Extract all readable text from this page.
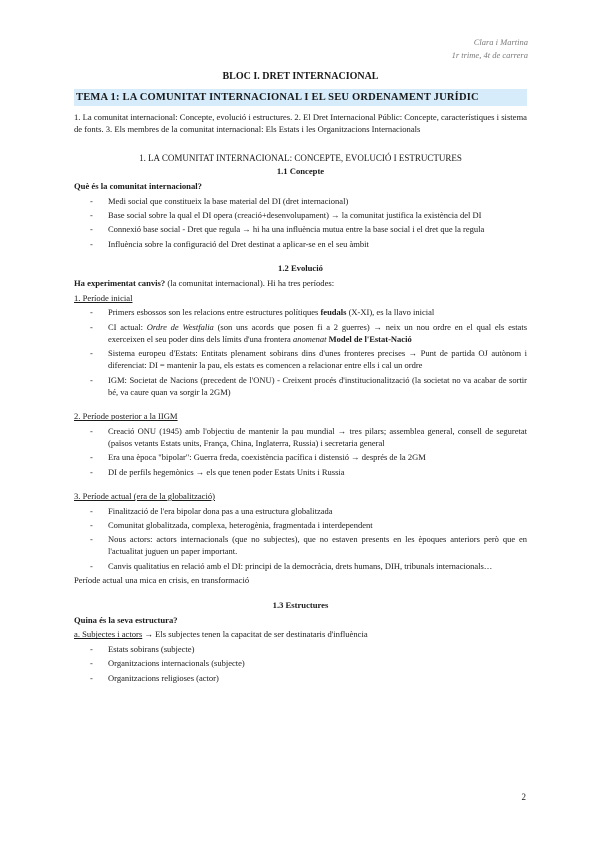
Clara i Martina
1r trime, 4t de carrera
BLOC I. DRET INTERNACIONAL
TEMA 1: LA COMUNITAT INTERNACIONAL I EL SEU ORDENAMENT JURÍDIC
1. La comunitat internacional: Concepte, evolució i estructures. 2. El Dret Internacional Públic: Concepte, característiques i sistema de fonts. 3. Els membres de la comunitat internacional: Els Estats i les Organitzacions Internacionals
1. LA COMUNITAT INTERNACIONAL: CONCEPTE, EVOLUCIÓ I ESTRUCTURES
1.1 Concepte
Què és la comunitat internacional?
- Medi social que constitueix la base material del DI (dret internacional)
- Base social sobre la qual el DI opera (creació+desenvolupament) → la comunitat justifica la existència del DI
- Connexió base social - Dret que regula → hi ha una influència mutua entre la base social i el dret que la regula
- Influència sobre la configuració del Dret destinat a aplicar-se en el seu àmbit
1.2 Evolució
Ha experimentat canvis? (la comunitat internacional). Hi ha tres períodes:
1. Període inicial
- Primers esbossos son les relacions entre estructures polítiques feudals (X-XI), es la llavo inicial
- CI actual: Ordre de Westfalia (son uns acords que posen fi a 2 guerres) → neix un nou ordre en el qual els estats exerceixen el seu poder dins dels límits d'una frontera anomenat Model de l'Estat-Nació
- Sistema europeu d'Estats: Entitats plenament sobirans dins d'unes fronteres precises → Punt de partida OJ autònom i diferenciat: DI = mantenir la pau, els estats es comencen a relacionar entre ells i cal un ordre
- IGM: Societat de Nacions (precedent de l'ONU) - Creixent procés d'institucionalització (la societat no va acabar de sortir bé, va caure quan va sorgir la 2GM)
2. Període posterior a la IIGM
- Creació ONU (1945) amb l'objectiu de mantenir la pau mundial → tres pilars; assemblea general, consell de seguretat (països vetants Estats units, França, China, Inglaterra, Russia) i secretaria general
- Era una època "bipolar": Guerra freda, coexistència pacífica i distensió → després de la 2GM
- DI de perfils hegemònics → els que tenen poder Estats Units i Russia
3. Període actual (era de la globalització)
- Finalització de l'era bipolar dona pas a una estructura globalitzada
- Comunitat globalitzada, complexa, heterogènia, fragmentada i interdependent
- Nous actors: actors internacionals (que no subjectes), que no estaven presents en les èpoques anteriors però que en l'actualitat juguen un paper important.
- Canvis qualitatius en relació amb el DI: principi de la democràcia, drets humans, DIH, tribunals internacionals…
Període actual una mica en crisis, en transformació
1.3 Estructures
Quina és la seva estructura?
a. Subjectes i actors → Els subjectes tenen la capacitat de ser destinataris d'influència
- Estats sobirans (subjecte)
- Organitzacions internacionals (subjecte)
- Organitzacions religioses (actor)
2
